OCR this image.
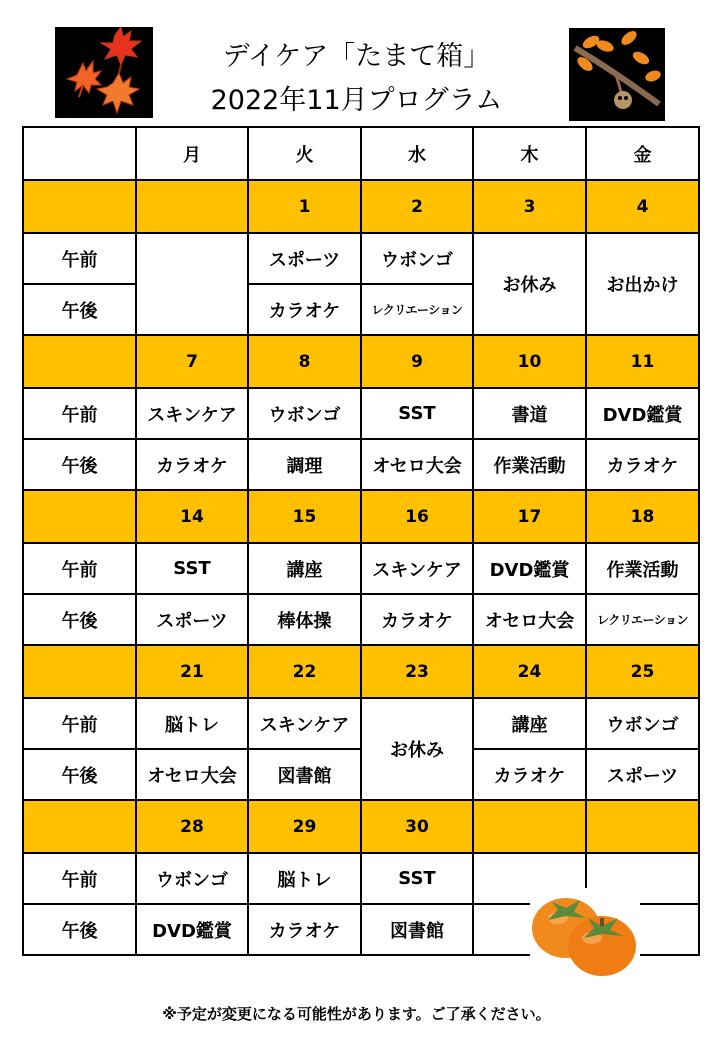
デイケア「たまて箱」
2022年11月プログラム
	月	火	水	木	金
		1	2	3	4
午前		スポーツ	ウボンゴ	お休み	お出かけ
午後		カラオケ	レクリエーション		
	7	8	9	10	11
午前	スキンケア	ウボンゴ	SST	書道	DVD鑑賞
午後	カラオケ	調理	オセロ大会	作業活動	カラオケ
	14	15	16	17	18
午前	SST	講座	スキンケア	DVD鑑賞	作業活動
午後	スポーツ	棒体操	カラオケ	オセロ大会	レクリエーション
	21	22	23	24	25
午前	脳トレ	スキンケア	お休み	講座	ウボンゴ
午後	オセロ大会	図書館		カラオケ	スポーツ
	28	29	30		
午前	ウボンゴ	脳トレ	SST		
午後	DVD鑑賞	カラオケ	図書館		
※予定が変更になる可能性があります。ご了承ください。
